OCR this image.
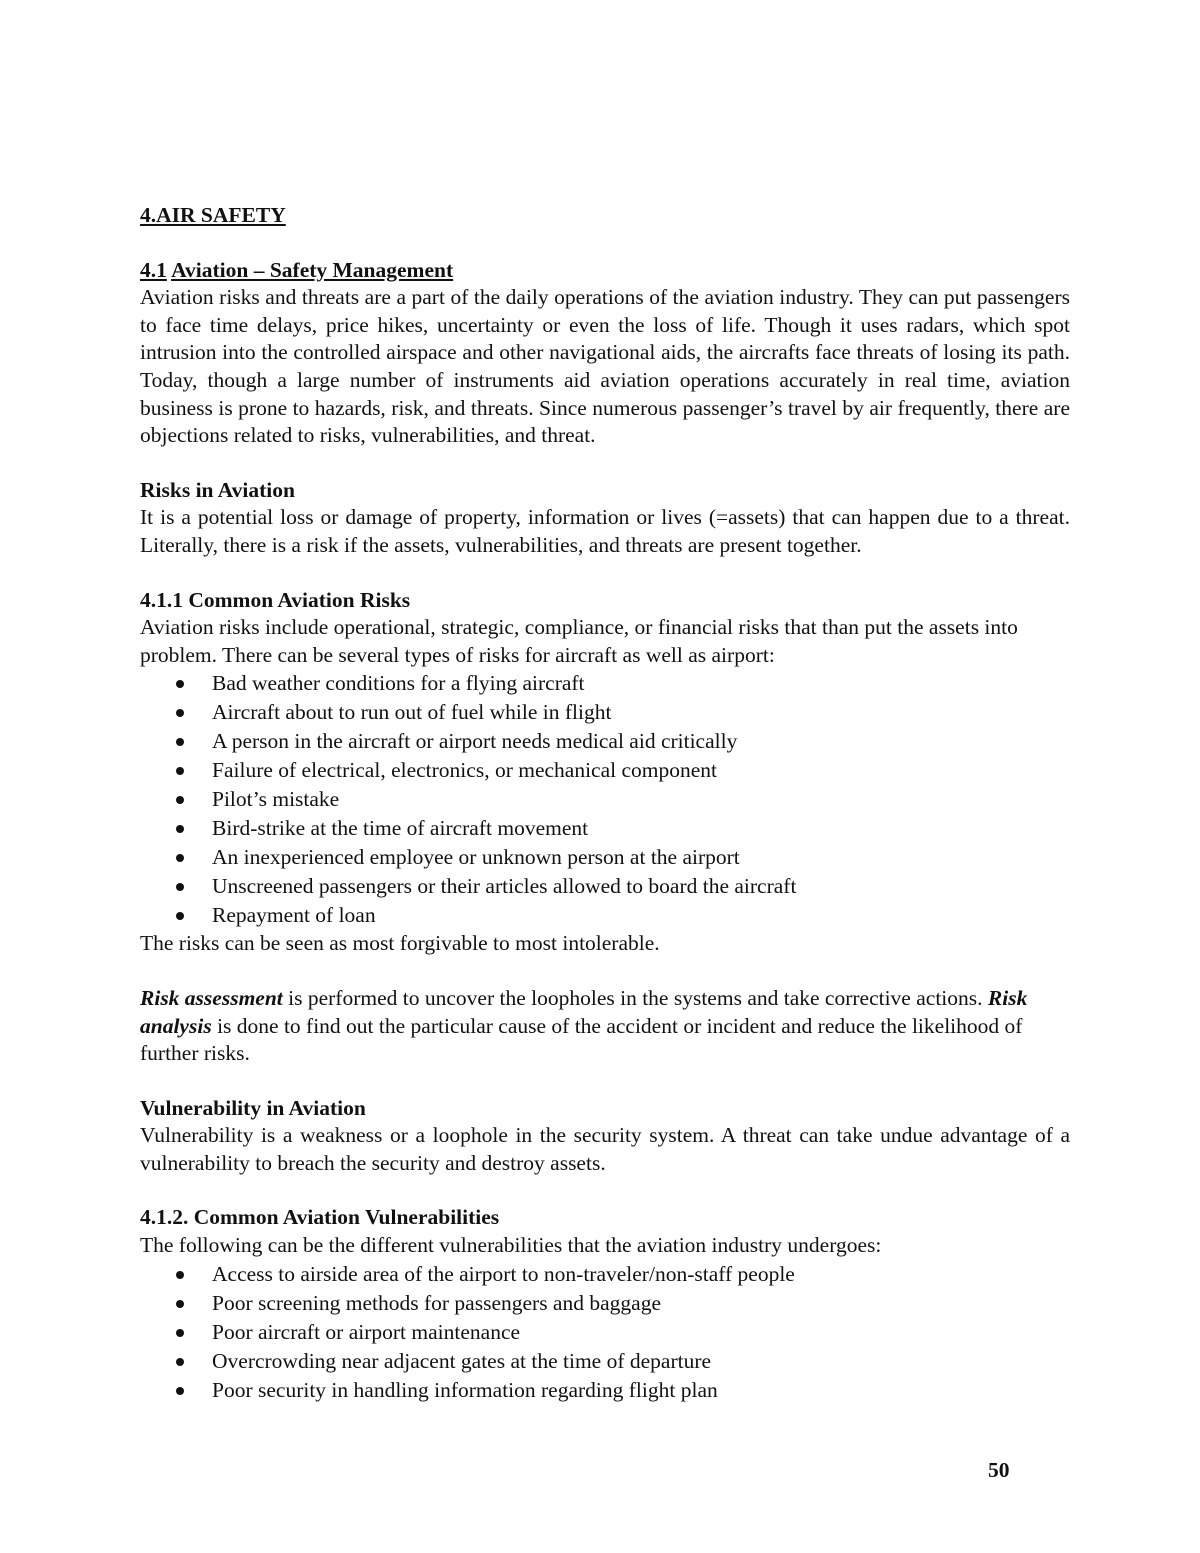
4.AIR SAFETY

4.1 Aviation – Safety Management

Aviation risks and threats are a part of the daily operations of the aviation industry. They can put passengers to face time delays, price hikes, uncertainty or even the loss of life. Though it uses radars, which spot intrusion into the controlled airspace and other navigational aids, the aircrafts face threats of losing its path. Today, though a large number of instruments aid aviation operations accurately in real time, aviation business is prone to hazards, risk, and threats. Since numerous passenger’s travel by air frequently, there are objections related to risks, vulnerabilities, and threat.

Risks in Aviation

It is a potential loss or damage of property, information or lives (=assets) that can happen due to a threat. Literally, there is a risk if the assets, vulnerabilities, and threats are present together.

4.1.1 Common Aviation Risks

Aviation risks include operational, strategic, compliance, or financial risks that than put the assets into problem. There can be several types of risks for aircraft as well as airport:

Bad weather conditions for a flying aircraft
Aircraft about to run out of fuel while in flight
A person in the aircraft or airport needs medical aid critically
Failure of electrical, electronics, or mechanical component
Pilot’s mistake
Bird-strike at the time of aircraft movement
An inexperienced employee or unknown person at the airport
Unscreened passengers or their articles allowed to board the aircraft
Repayment of loan

The risks can be seen as most forgivable to most intolerable.

Risk assessment is performed to uncover the loopholes in the systems and take corrective actions. Risk analysis is done to find out the particular cause of the accident or incident and reduce the likelihood of further risks.

Vulnerability in Aviation

Vulnerability is a weakness or a loophole in the security system. A threat can take undue advantage of a vulnerability to breach the security and destroy assets.

4.1.2. Common Aviation Vulnerabilities

The following can be the different vulnerabilities that the aviation industry undergoes:

Access to airside area of the airport to non-traveler/non-staff people
Poor screening methods for passengers and baggage
Poor aircraft or airport maintenance
Overcrowding near adjacent gates at the time of departure
Poor security in handling information regarding flight plan
50
